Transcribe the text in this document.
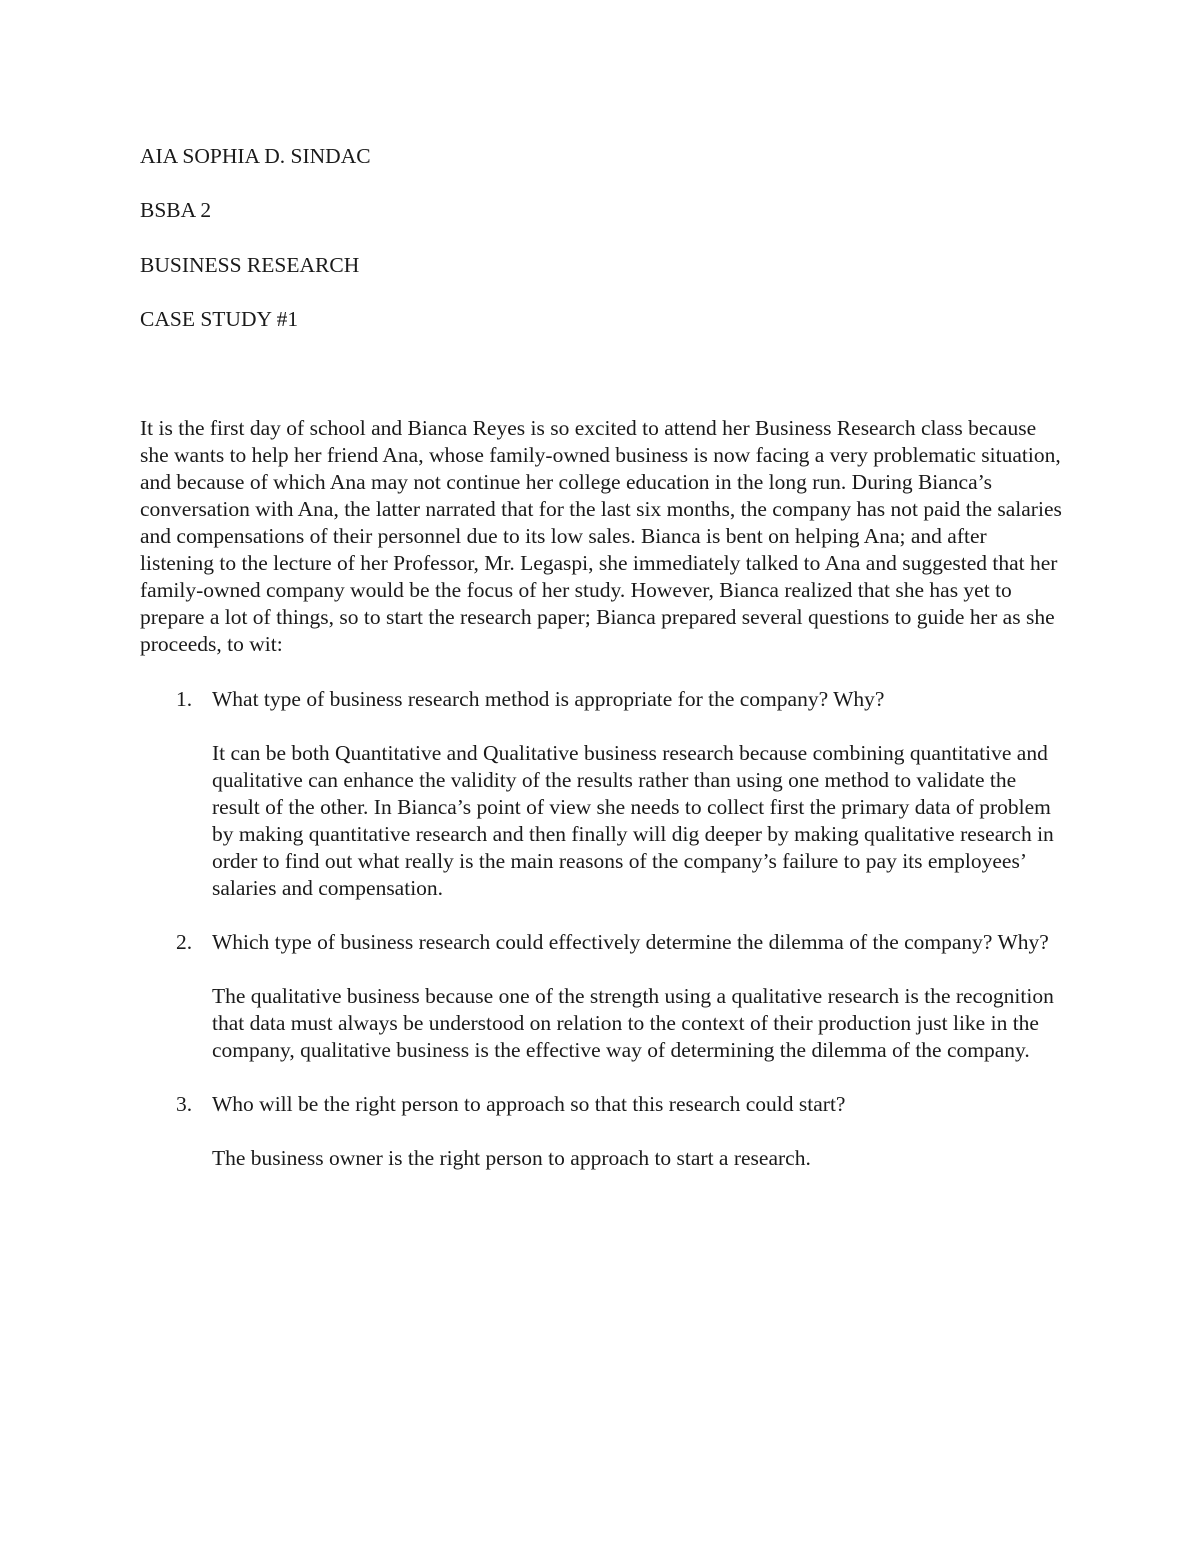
AIA SOPHIA D. SINDAC

BSBA 2

BUSINESS RESEARCH

CASE STUDY #1

It is the first day of school and Bianca Reyes is so excited to attend her Business Research class because she wants to help her friend Ana, whose family-owned business is now facing a very problematic situation, and because of which Ana may not continue her college education in the long run. During Bianca’s conversation with Ana, the latter narrated that for the last six months, the company has not paid the salaries and compensations of their personnel due to its low sales. Bianca is bent on helping Ana; and after listening to the lecture of her Professor, Mr. Legaspi, she immediately talked to Ana and suggested that her family-owned company would be the focus of her study. However, Bianca realized that she has yet to prepare a lot of things, so to start the research paper; Bianca prepared several questions to guide her as she proceeds, to wit:

1. What type of business research method is appropriate for the company? Why?
It can be both Quantitative and Qualitative business research because combining quantitative and qualitative can enhance the validity of the results rather than using one method to validate the result of the other. In Bianca’s point of view she needs to collect first the primary data of problem by making quantitative research and then finally will dig deeper by making qualitative research in order to find out what really is the main reasons of the company’s failure to pay its employees’ salaries and compensation.
2. Which type of business research could effectively determine the dilemma of the company? Why?
The qualitative business because one of the strength using a qualitative research is the recognition that data must always be understood on relation to the context of their production just like in the company, qualitative business is the effective way of determining the dilemma of the company.
3. Who will be the right person to approach so that this research could start?
The business owner is the right person to approach to start a research.
